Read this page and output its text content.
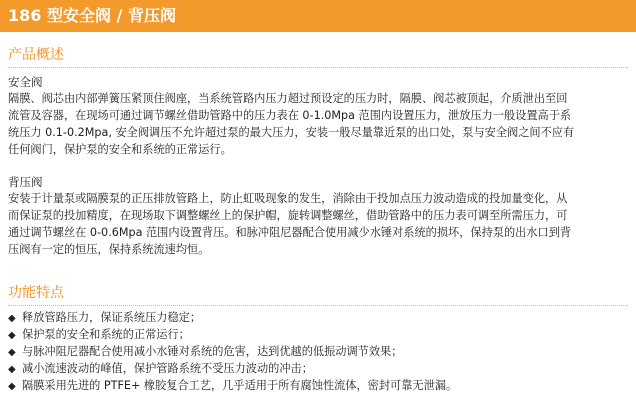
186 型安全阀 / 背压阀
产品概述
安全阀
隔膜、阀芯由内部弹簧压紧顶住阀座，当系统管路内压力超过预设定的压力时，隔膜、阀芯被顶起，介质泄出至回
流管及容器，在现场可通过调节螺丝借助管路中的压力表在 0-1.0Mpa 范围内设置压力，泄放压力一般设置高于系
统压力 0.1-0.2Mpa, 安全阀调压不允许超过泵的最大压力，安装一般尽量靠近泵的出口处，泵与安全阀之间不应有
任何阀门，保护泵的安全和系统的正常运行。
背压阀
安装于计量泵或隔膜泵的正压排放管路上，防止虹吸现象的发生，消除由于投加点压力波动造成的投加量变化，从
而保证泵的投加精度，在现场取下调整螺丝上的保护帽，旋转调整螺丝，借助管路中的压力表可调至所需压力，可
通过调节螺丝在 0-0.6Mpa 范围内设置背压。和脉冲阻尼器配合使用减少水锤对系统的损坏，保持泵的出水口到背
压阀有一定的恒压，保持系统流速均恒。
功能特点
◆ 释放管路压力，保证系统压力稳定；
◆ 保护泵的安全和系统的正常运行；
◆ 与脉冲阻尼器配合使用减小水锤对系统的危害，达到优越的低振动调节效果；
◆ 减小流速波动的峰值，保护管路系统不受压力波动的冲击；
◆ 隔膜采用先进的 PTFE+ 橡胶复合工艺，几乎适用于所有腐蚀性流体，密封可靠无泄漏。
